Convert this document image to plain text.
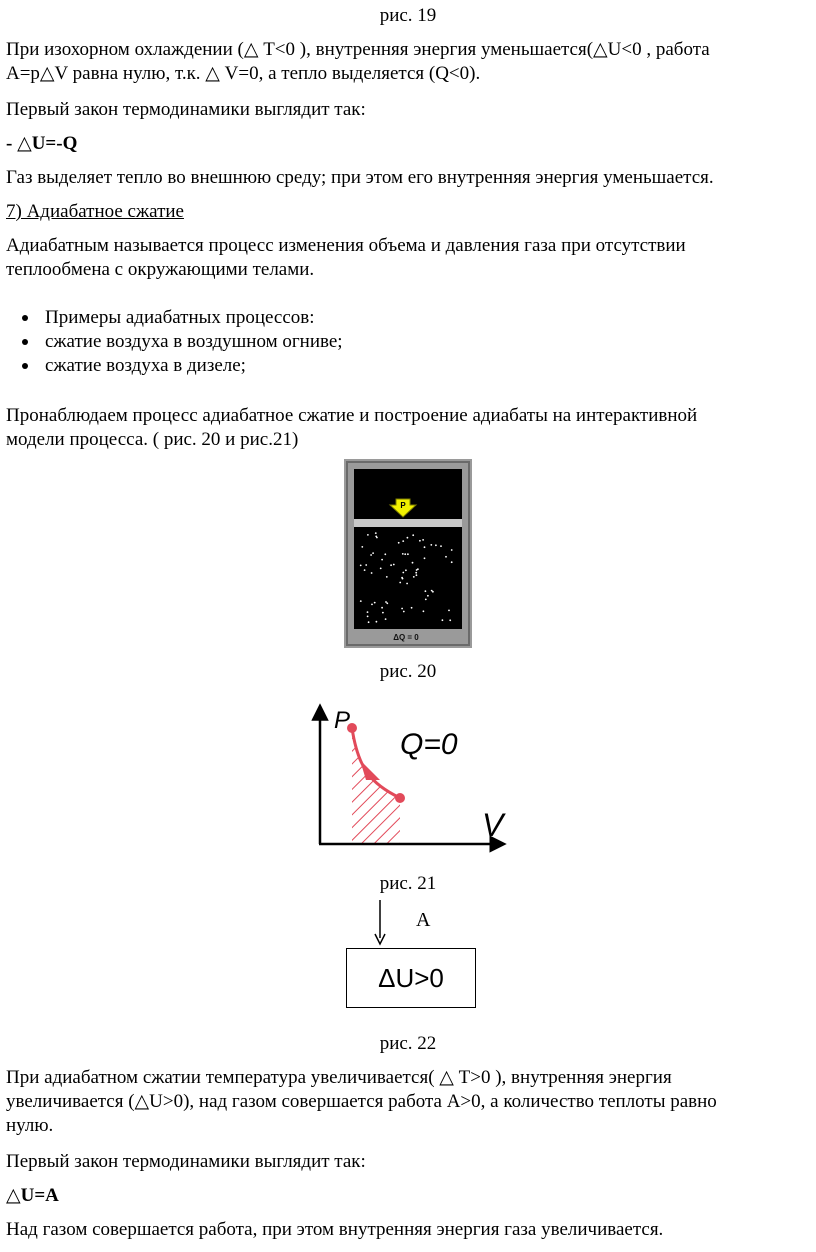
рис. 19
При изохорном охлаждении (△ T<0 ), внутренняя энергия уменьшается(△U<0 , работа
A=p△V равна нулю, т.к. △ V=0, а тепло выделяется (Q<0).
Первый закон термодинамики выглядит так:
- △U=-Q
Газ выделяет тепло во внешнюю среду; при этом его внутренняя энергия уменьшается.
7) Адиабатное сжатие
Адиабатным называется процесс изменения объема и давления газа при отсутствии
теплообмена с окружающими телами.
Примеры адиабатных процессов:
сжатие воздуха в воздушном огниве;
сжатие воздуха в дизеле;
Пронаблюдаем процесс адиабатное сжатие и построение адиабаты на интерактивной
модели процесса. ( рис. 20 и рис.21)
P
ΔQ = 0
рис. 20
P
V
Q=0
рис. 21
A
ΔU>0
рис. 22
При адиабатном сжатии температура увеличивается( △ T>0 ), внутренняя энергия
увеличивается (△U>0), над газом совершается работа A>0, а количество теплоты равно
нулю.
Первый закон термодинамики выглядит так:
△U=A
Над газом совершается работа, при этом внутренняя энергия газа увеличивается.
